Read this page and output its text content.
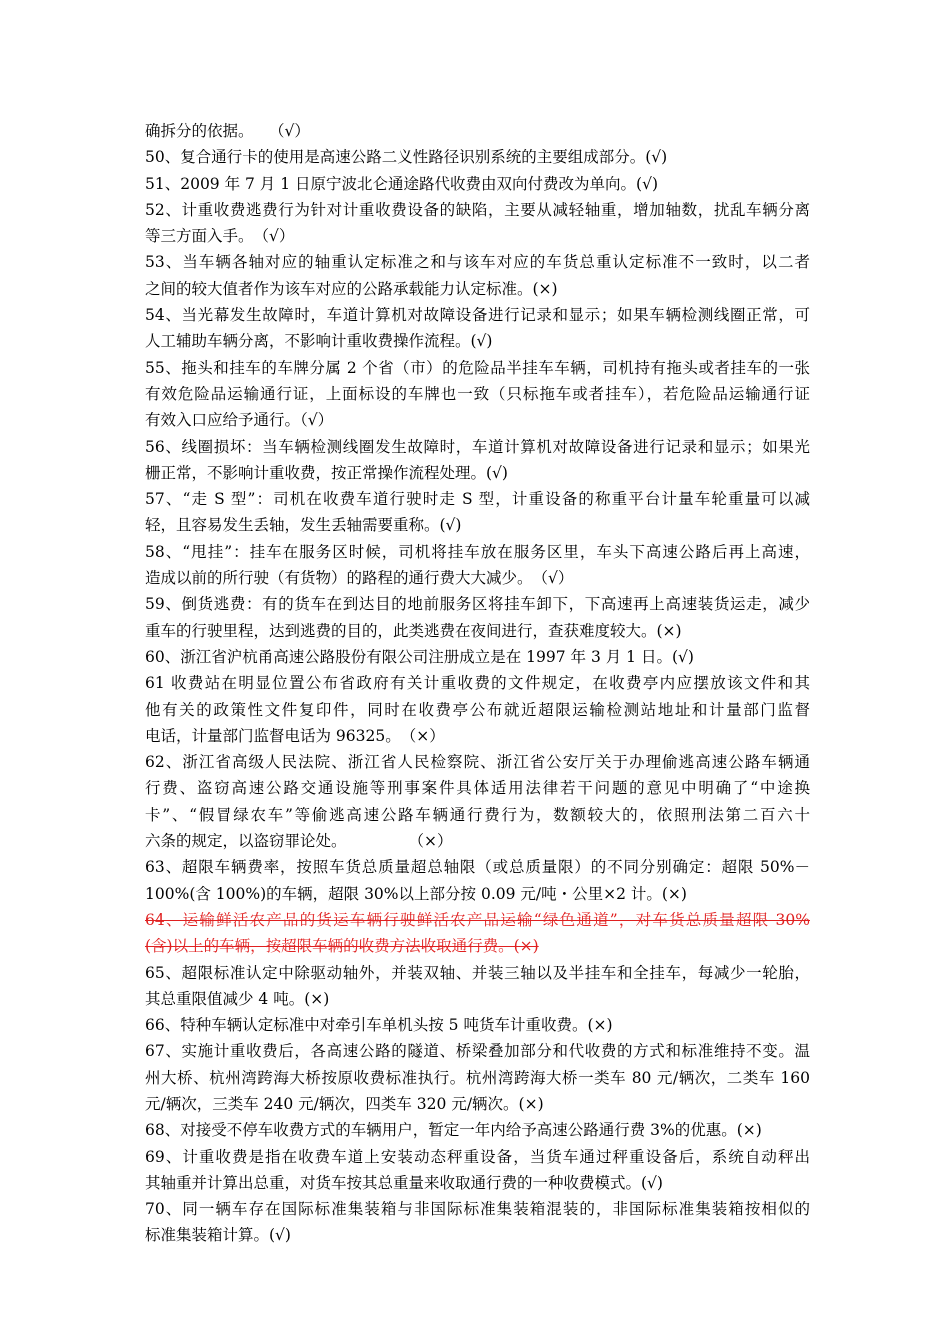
确拆分的依据。　　（√）
50、复合通行卡的使用是高速公路二义性路径识别系统的主要组成部分。(√)
51、2009 年 7 月 1 日原宁波北仑通途路代收费由双向付费改为单向。(√)
52、计重收费逃费行为针对计重收费设备的缺陷，主要从减轻轴重，增加轴数，扰乱车辆分离
等三方面入手。　（√）
53、当车辆各轴对应的轴重认定标准之和与该车对应的车货总重认定标准不一致时，以二者
之间的较大值者作为该车对应的公路承载能力认定标准。(×)
54、当光幕发生故障时，车道计算机对故障设备进行记录和显示；如果车辆检测线圈正常，可
人工辅助车辆分离，不影响计重收费操作流程。(√)
55、拖头和挂车的车牌分属 2 个省（市）的危险品半挂车车辆，司机持有拖头或者挂车的一张
有效危险品运输通行证，上面标设的车牌也一致（只标拖车或者挂车），若危险品运输通行证
有效入口应给予通行。（√）
56、线圈损坏：当车辆检测线圈发生故障时，车道计算机对故障设备进行记录和显示；如果光
栅正常，不影响计重收费，按正常操作流程处理。(√)
57、“走 S 型”：司机在收费车道行驶时走 S 型，计重设备的称重平台计量车轮重量可以减
轻，且容易发生丢轴，发生丢轴需要重称。(√)
58、“甩挂”：挂车在服务区时候，司机将挂车放在服务区里，车头下高速公路后再上高速，
造成以前的所行驶（有货物）的路程的通行费大大减少。　（√）
59、倒货逃费：有的货车在到达目的地前服务区将挂车卸下，下高速再上高速装货运走，减少
重车的行驶里程，达到逃费的目的，此类逃费在夜间进行，查获难度较大。(×)
60、浙江省沪杭甬高速公路股份有限公司注册成立是在 1997 年 3 月 1 日。(√)
61 收费站在明显位置公布省政府有关计重收费的文件规定，在收费亭内应摆放该文件和其
他有关的政策性文件复印件，同时在收费亭公布就近超限运输检测站地址和计量部门监督
电话，计量部门监督电话为 96325。　（×）
62、浙江省高级人民法院、浙江省人民检察院、浙江省公安厅关于办理偷逃高速公路车辆通
行费、盗窃高速公路交通设施等刑事案件具体适用法律若干问题的意见中明确了“中途换
卡”、“假冒绿农车”等偷逃高速公路车辆通行费行为，数额较大的，依照刑法第二百六十
六条的规定，以盗窃罪论处。　　　　　（×）
63、超限车辆费率，按照车货总质量超总轴限（或总质量限）的不同分别确定：超限 50%－
100%(含 100%)的车辆，超限 30%以上部分按 0.09 元/吨・公里×2 计。(×)
64、运输鲜活农产品的货运车辆行驶鲜活农产品运输“绿色通道”，对车货总质量超限 30%
(含)以上的车辆，按超限车辆的收费方法收取通行费。(×)
65、超限标准认定中除驱动轴外，并装双轴、并装三轴以及半挂车和全挂车，每减少一轮胎，
其总重限值减少 4 吨。(×)
66、特种车辆认定标准中对牵引车单机头按 5 吨货车计重收费。(×)
67、实施计重收费后，各高速公路的隧道、桥梁叠加部分和代收费的方式和标准维持不变。温
州大桥、杭州湾跨海大桥按原收费标准执行。杭州湾跨海大桥一类车 80 元/辆次，二类车 160
元/辆次，三类车 240 元/辆次，四类车 320 元/辆次。(×)
68、对接受不停车收费方式的车辆用户，暂定一年内给予高速公路通行费 3%的优惠。(×)
69、计重收费是指在收费车道上安装动态秤重设备，当货车通过秤重设备后，系统自动秤出
其轴重并计算出总重，对货车按其总重量来收取通行费的一种收费模式。(√)
70、同一辆车存在国际标准集装箱与非国际标准集装箱混装的，非国际标准集装箱按相似的
标准集装箱计算。(√)
